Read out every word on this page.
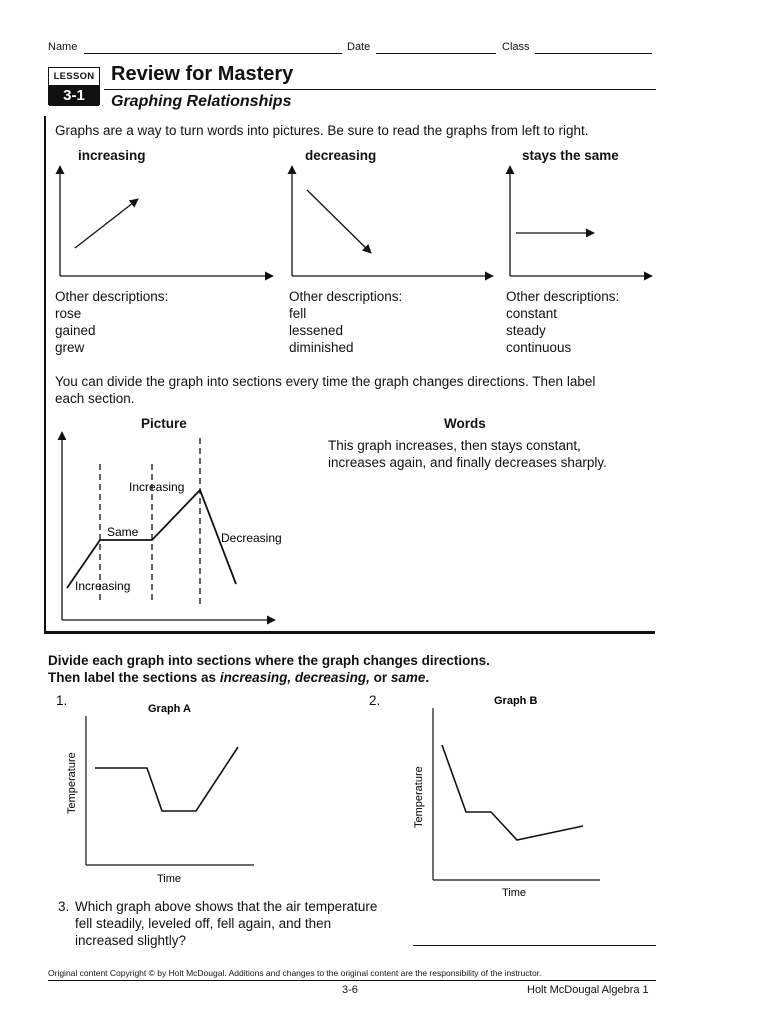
Name	Date	Class
LESSON
3-1
Review for Mastery
Graphing Relationships
Graphs are a way to turn words into pictures. Be sure to read the graphs from left to right.
increasing	decreasing	stays the same
Other descriptions:
rose
gained
grew
Other descriptions:
fell
lessened
diminished
Other descriptions:
constant
steady
continuous
You can divide the graph into sections every time the graph changes directions. Then label
each section.
Picture	Words
This graph increases, then stays constant,
increases again, and finally decreases sharply.
Increasing
Same
Increasing
Decreasing
Divide each graph into sections where the graph changes directions.
Then label the sections as increasing, decreasing, or same.
1.	2.
Graph A
Time
Temperature
Graph B
Time
Temperature
3. Which graph above shows that the air temperature
fell steadily, leveled off, fell again, and then
increased slightly?
Original content Copyright © by Holt McDougal. Additions and changes to the original content are the responsibility of the instructor.
3-6	Holt McDougal Algebra 1
